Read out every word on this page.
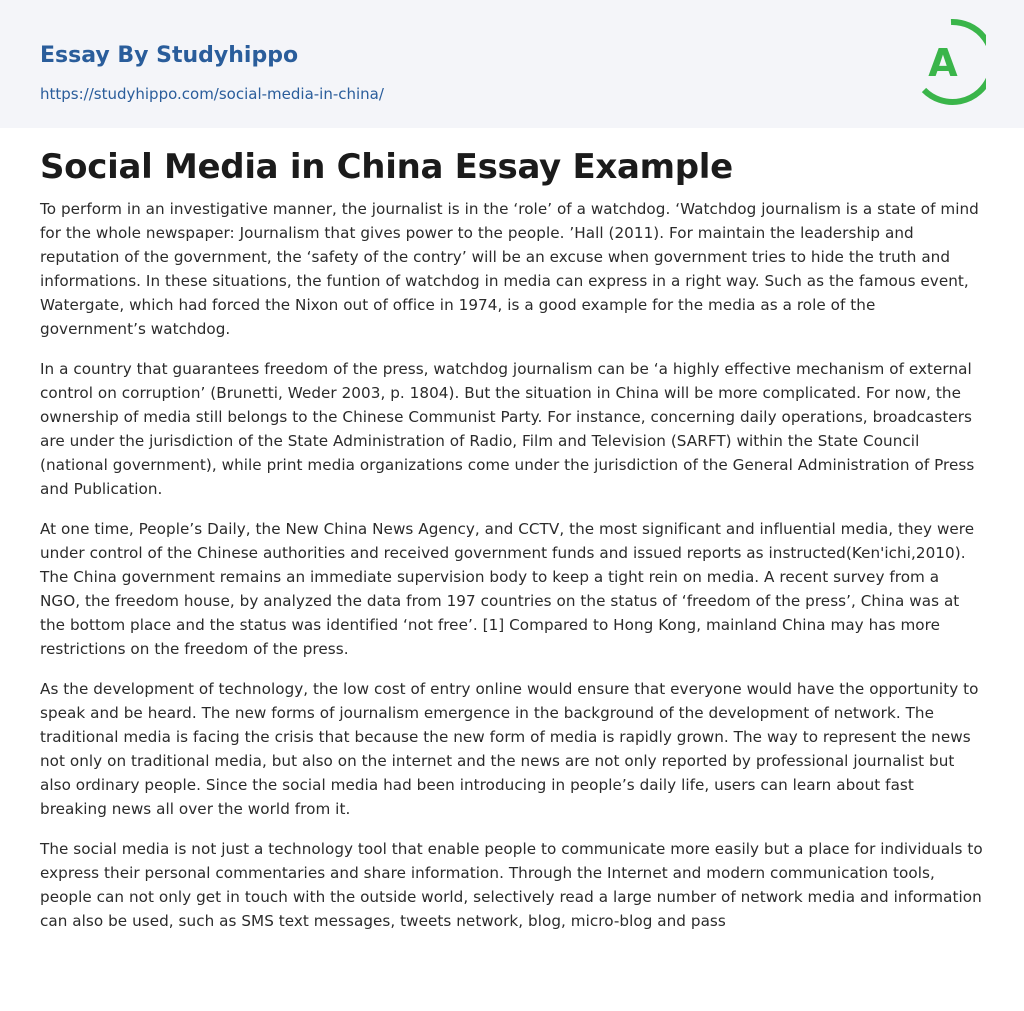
Essay By Studyhippo
https://studyhippo.com/social-media-in-china/
A
Social Media in China Essay Example

To perform in an investigative manner, the journalist is in the ‘role’ of a watchdog. ‘Watchdog journalism is a state of mind for the whole newspaper: Journalism that gives power to the people. ’Hall (2011). For maintain the leadership and reputation of the government, the ‘safety of the contry’ will be an excuse when government tries to hide the truth and informations. In these situations, the funtion of watchdog in media can express in a right way. Such as the famous event, Watergate, which had forced the Nixon out of office in 1974, is a good example for the media as a role of the government’s watchdog.

In a country that guarantees freedom of the press, watchdog journalism can be ‘a highly effective mechanism of external control on corruption’ (Brunetti, Weder 2003, p. 1804). But the situation in China will be more complicated. For now, the ownership of media still belongs to the Chinese Communist Party. For instance, concerning daily operations, broadcasters are under the jurisdiction of the State Administration of Radio, Film and Television (SARFT) within the State Council (national government), while print media organizations come under the jurisdiction of the General Administration of Press and Publication.

At one time, People’s Daily, the New China News Agency, and CCTV, the most significant and influential media, they were under control of the Chinese authorities and received government funds and issued reports as instructed(Ken'ichi,2010). The China government remains an immediate supervision body to keep a tight rein on media. A recent survey from a NGO, the freedom house, by analyzed the data from 197 countries on the status of ‘freedom of the press’, China was at the bottom place and the status was identified ‘not free’. [1] Compared to Hong Kong, mainland China may has more restrictions on the freedom of the press.

As the development of technology, the low cost of entry online would ensure that everyone would have the opportunity to speak and be heard. The new forms of journalism emergence in the background of the development of network. The traditional media is facing the crisis that because the new form of media is rapidly grown. The way to represent the news not only on traditional media, but also on the internet and the news are not only reported by professional journalist but also ordinary people. Since the social media had been introducing in people’s daily life, users can learn about fast breaking news all over the world from it.

The social media is not just a technology tool that enable people to communicate more easily but a place for individuals to express their personal commentaries and share information. Through the Internet and modern communication tools, people can not only get in touch with the outside world, selectively read a large number of network media and information can also be used, such as SMS text messages, tweets network, blog, micro-blog and pass
